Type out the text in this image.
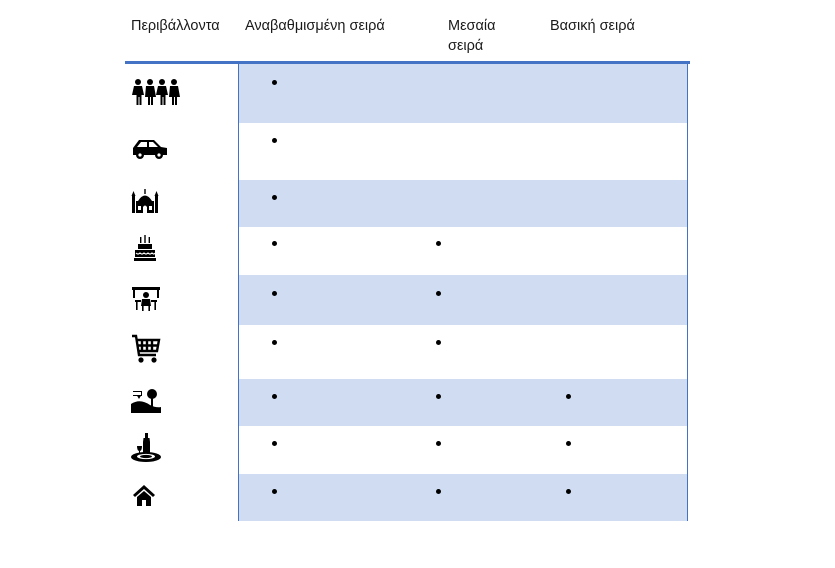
Περιβάλλοντα Αναβαθμισμένη σειρά	Μεσαία σειρά
Βασική σειρά
